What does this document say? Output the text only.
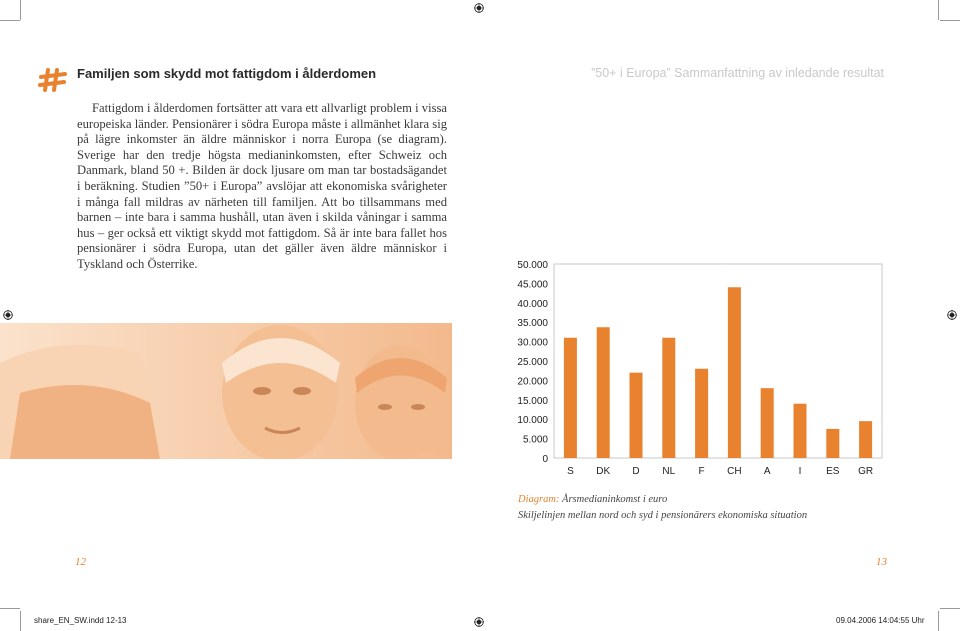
Familjen som skydd mot fattigdom i ålderdomen	”50+ i Europa” Sammanfattning av inledande resultat

Fattigdom i ålderdomen fortsätter att vara ett allvarligt problem i vissa europeiska länder. Pensionärer i södra Europa måste i allmänhet klara sig på lägre inkomster än äldre människor i norra Europa (se diagram). Sverige har den tredje högsta medianinkomsten, efter Schweiz och Danmark, bland 50 +. Bilden är dock ljusare om man tar bostadsägandet i beräkning. Studien ”50+ i Europa” avslöjar att ekonomiska svårigheter i många fall mildras av närheten till familjen. Att bo tillsammans med barnen – inte bara i samma hushåll, utan även i skilda våningar i samma hus – ger också ett viktigt skydd mot fattigdom. Så är inte bara fallet hos pensionärer i södra Europa, utan det gäller även äldre människor i Tyskland och Österrike.

0
5.000
10.000
15.000
20.000
25.000
30.000
35.000
40.000
45.000
50.000
S DK D NL F CH A	I ES GR
Diagram: Årsmedianinkomst i euro
Skiljelinjen mellan nord och syd i pensionärers ekonomiska situation
12	13
share_EN_SW.indd 12-13	09.04.2006 14:04:55 Uhr
